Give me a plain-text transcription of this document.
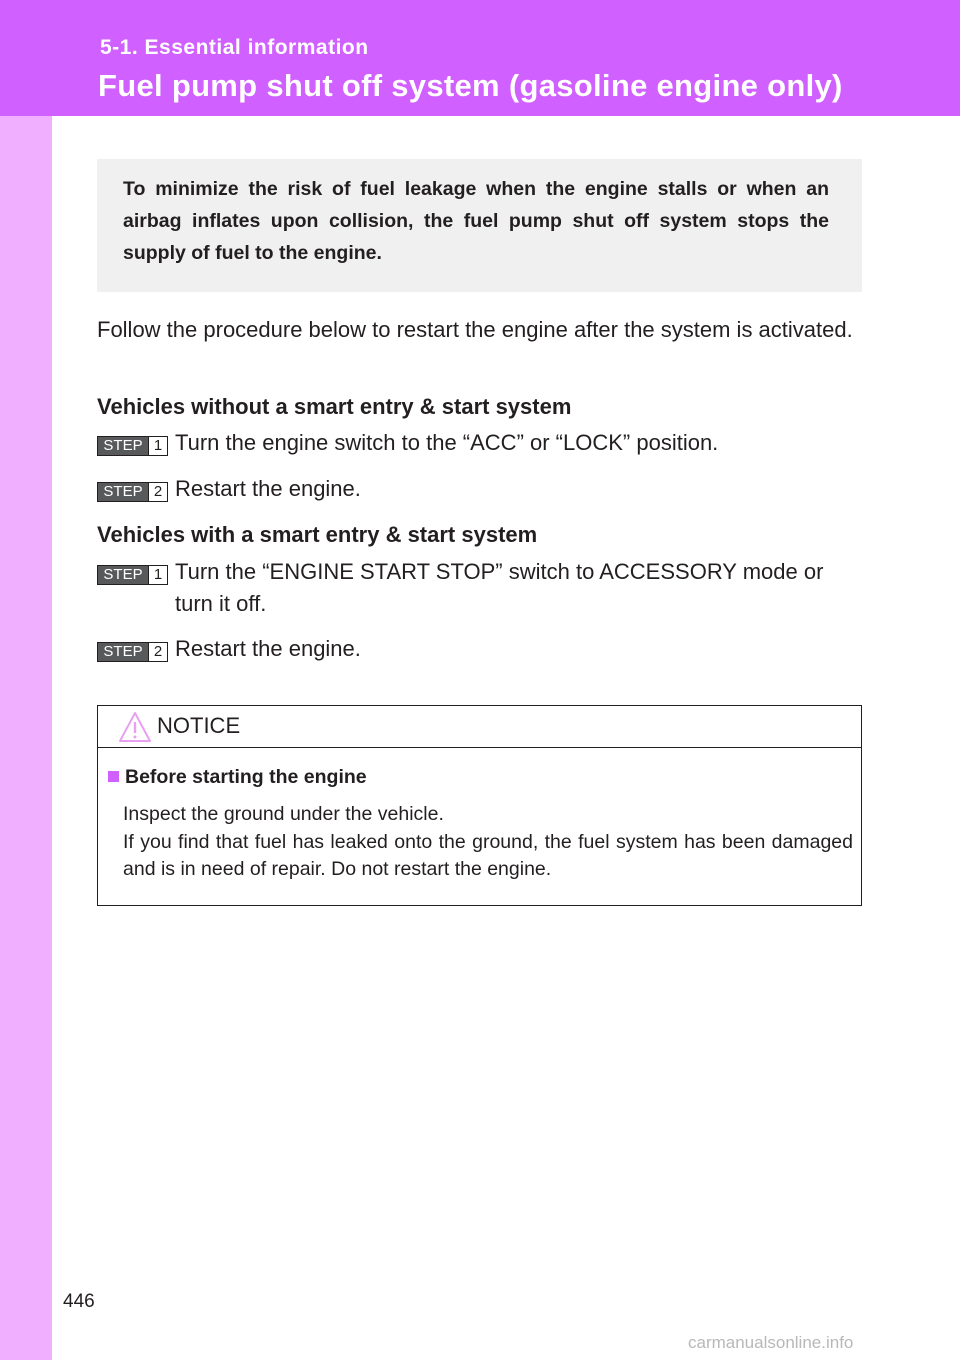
5-1. Essential information
Fuel pump shut off system (gasoline engine only)

To minimize the risk of fuel leakage when the engine stalls or when an airbag inflates upon collision, the fuel pump shut off system stops the supply of fuel to the engine.

Follow the procedure below to restart the engine after the system is activated.

Vehicles without a smart entry & start system

STEP 1 Turn the engine switch to the “ACC” or “LOCK” position.
STEP 2 Restart the engine.

Vehicles with a smart entry & start system

STEP 1 Turn the “ENGINE START STOP” switch to ACCESSORY mode or turn it off.
STEP 2 Restart the engine.
NOTICE
Before starting the engine

Inspect the ground under the vehicle.

If you find that fuel has leaked onto the ground, the fuel system has been damaged and is in need of repair. Do not restart the engine.

446
carmanualsonline.info
